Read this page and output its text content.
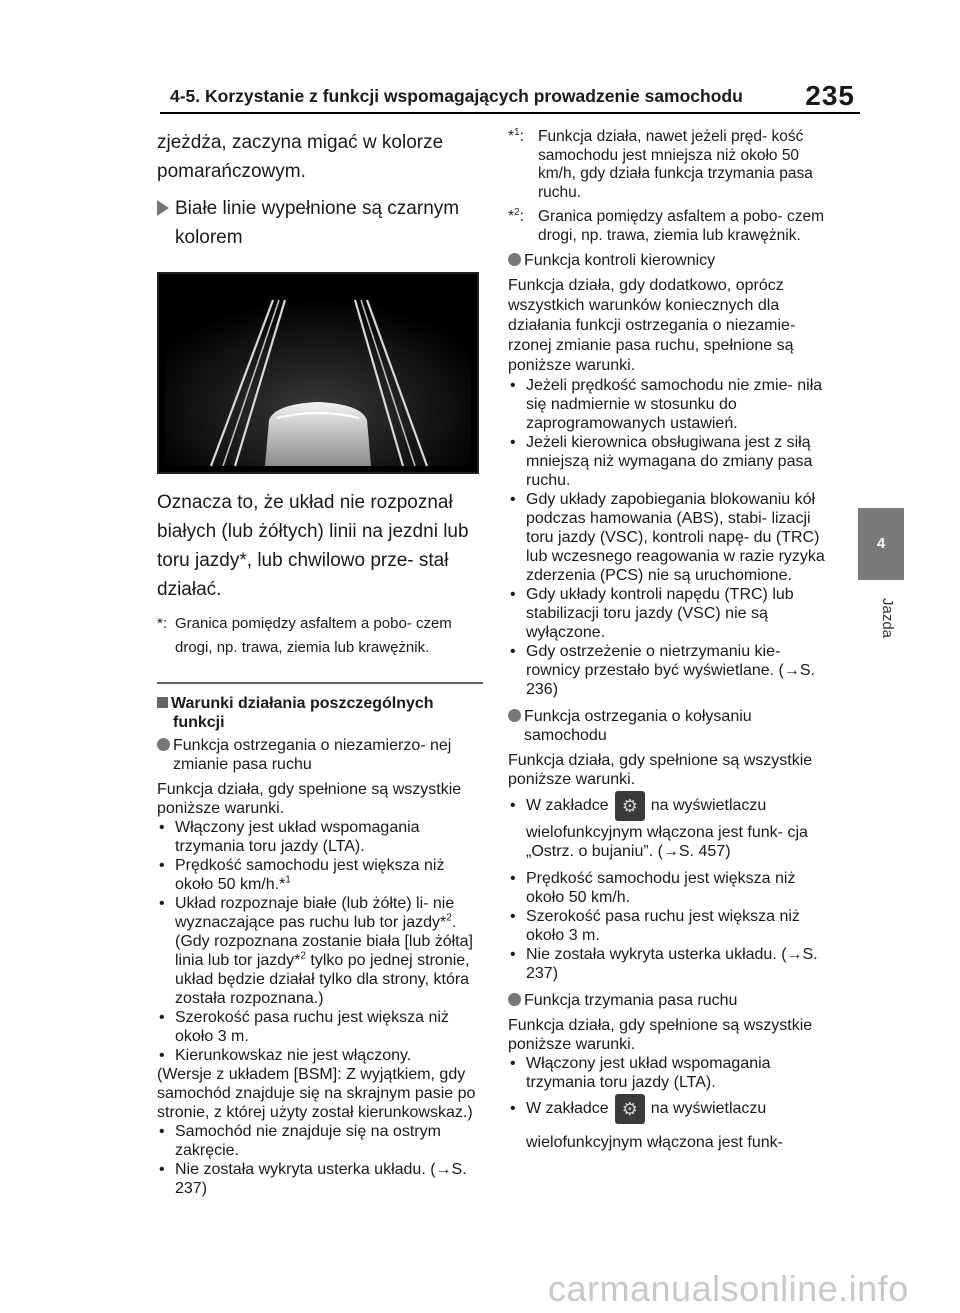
4-5. Korzystanie z funkcji wspomagających prowadzenie samochodu 235
4
Jazda

zjeżdża, zaczyna migać w kolorze pomarańczowym.

Białe linie wypełnione są czarnym kolorem

Oznacza to, że układ nie rozpoznał białych (lub żółtych) linii na jezdni lub toru jazdy*, lub chwilowo prze- stał działać.

*: Granica pomiędzy asfaltem a pobo- czem drogi, np. trawa, ziemia lub krawężnik.

Warunki działania poszczególnych funkcji

Funkcja ostrzegania o niezamierzo- nej zmianie pasa ruchu

Funkcja działa, gdy spełnione są wszystkie poniższe warunki.

• Włączony jest układ wspomagania trzymania toru jazdy (LTA).
• Prędkość samochodu jest większa niż około 50 km/h.*$^1$
• Układ rozpoznaje białe (lub żółte) li- nie wyznaczające pas ruchu lub tor jazdy*$^2$. (Gdy rozpoznana zostanie biała [lub żółta] linia lub tor jazdy*$^2$ tylko po jednej stronie, układ będzie działał tylko dla strony, która została rozpoznana.)
• Szerokość pasa ruchu jest większa niż około 3 m.
• Kierunkowskaz nie jest włączony.

(Wersje z układem [BSM]: Z wyjątkiem, gdy samochód znajduje się na skrajnym pasie po stronie, z której użyty został kierunkowskaz.)

• Samochód nie znajduje się na ostrym zakręcie.
• Nie została wykryta usterka układu. (→S. 237)
*$^1$: Funkcja działa, nawet jeżeli pręd- kość samochodu jest mniejsza niż około 50 km/h, gdy działa funkcja trzymania pasa ruchu.
*$^2$: Granica pomiędzy asfaltem a pobo- czem drogi, np. trawa, ziemia lub krawężnik.

Funkcja kontroli kierownicy

Funkcja działa, gdy dodatkowo, oprócz wszystkich warunków koniecznych dla działania funkcji ostrzegania o niezamie- rzonej zmianie pasa ruchu, spełnione są poniższe warunki.

• Jeżeli prędkość samochodu nie zmie- niła się nadmiernie w stosunku do zaprogramowanych ustawień.
• Jeżeli kierownica obsługiwana jest z siłą mniejszą niż wymagana do zmiany pasa ruchu.
• Gdy układy zapobiegania blokowaniu kół podczas hamowania (ABS), stabi- lizacji toru jazdy (VSC), kontroli napę- du (TRC) lub wczesnego reagowania w razie ryzyka zderzenia (PCS) nie są uruchomione.
• Gdy układy kontroli napędu (TRC) lub stabilizacji toru jazdy (VSC) nie są wyłączone.
• Gdy ostrzeżenie o nietrzymaniu kie- rownicy przestało być wyświetlane. (→S. 236)

Funkcja ostrzegania o kołysaniu samochodu

Funkcja działa, gdy spełnione są wszystkie poniższe warunki.

• W zakładce ⚙	na wyświetlaczu
wielofunkcyjnym włączona jest funk- cja „Ostrz. o bujaniu”. (→S. 457)
• Prędkość samochodu jest większa niż około 50 km/h.
• Szerokość pasa ruchu jest większa niż około 3 m.
• Nie została wykryta usterka układu. (→S. 237)

Funkcja trzymania pasa ruchu

Funkcja działa, gdy spełnione są wszystkie poniższe warunki.

• Włączony jest układ wspomagania trzymania toru jazdy (LTA).
• W zakładce ⚙	na wyświetlaczu
wielofunkcyjnym włączona jest funk-
carmanualsonline.info
